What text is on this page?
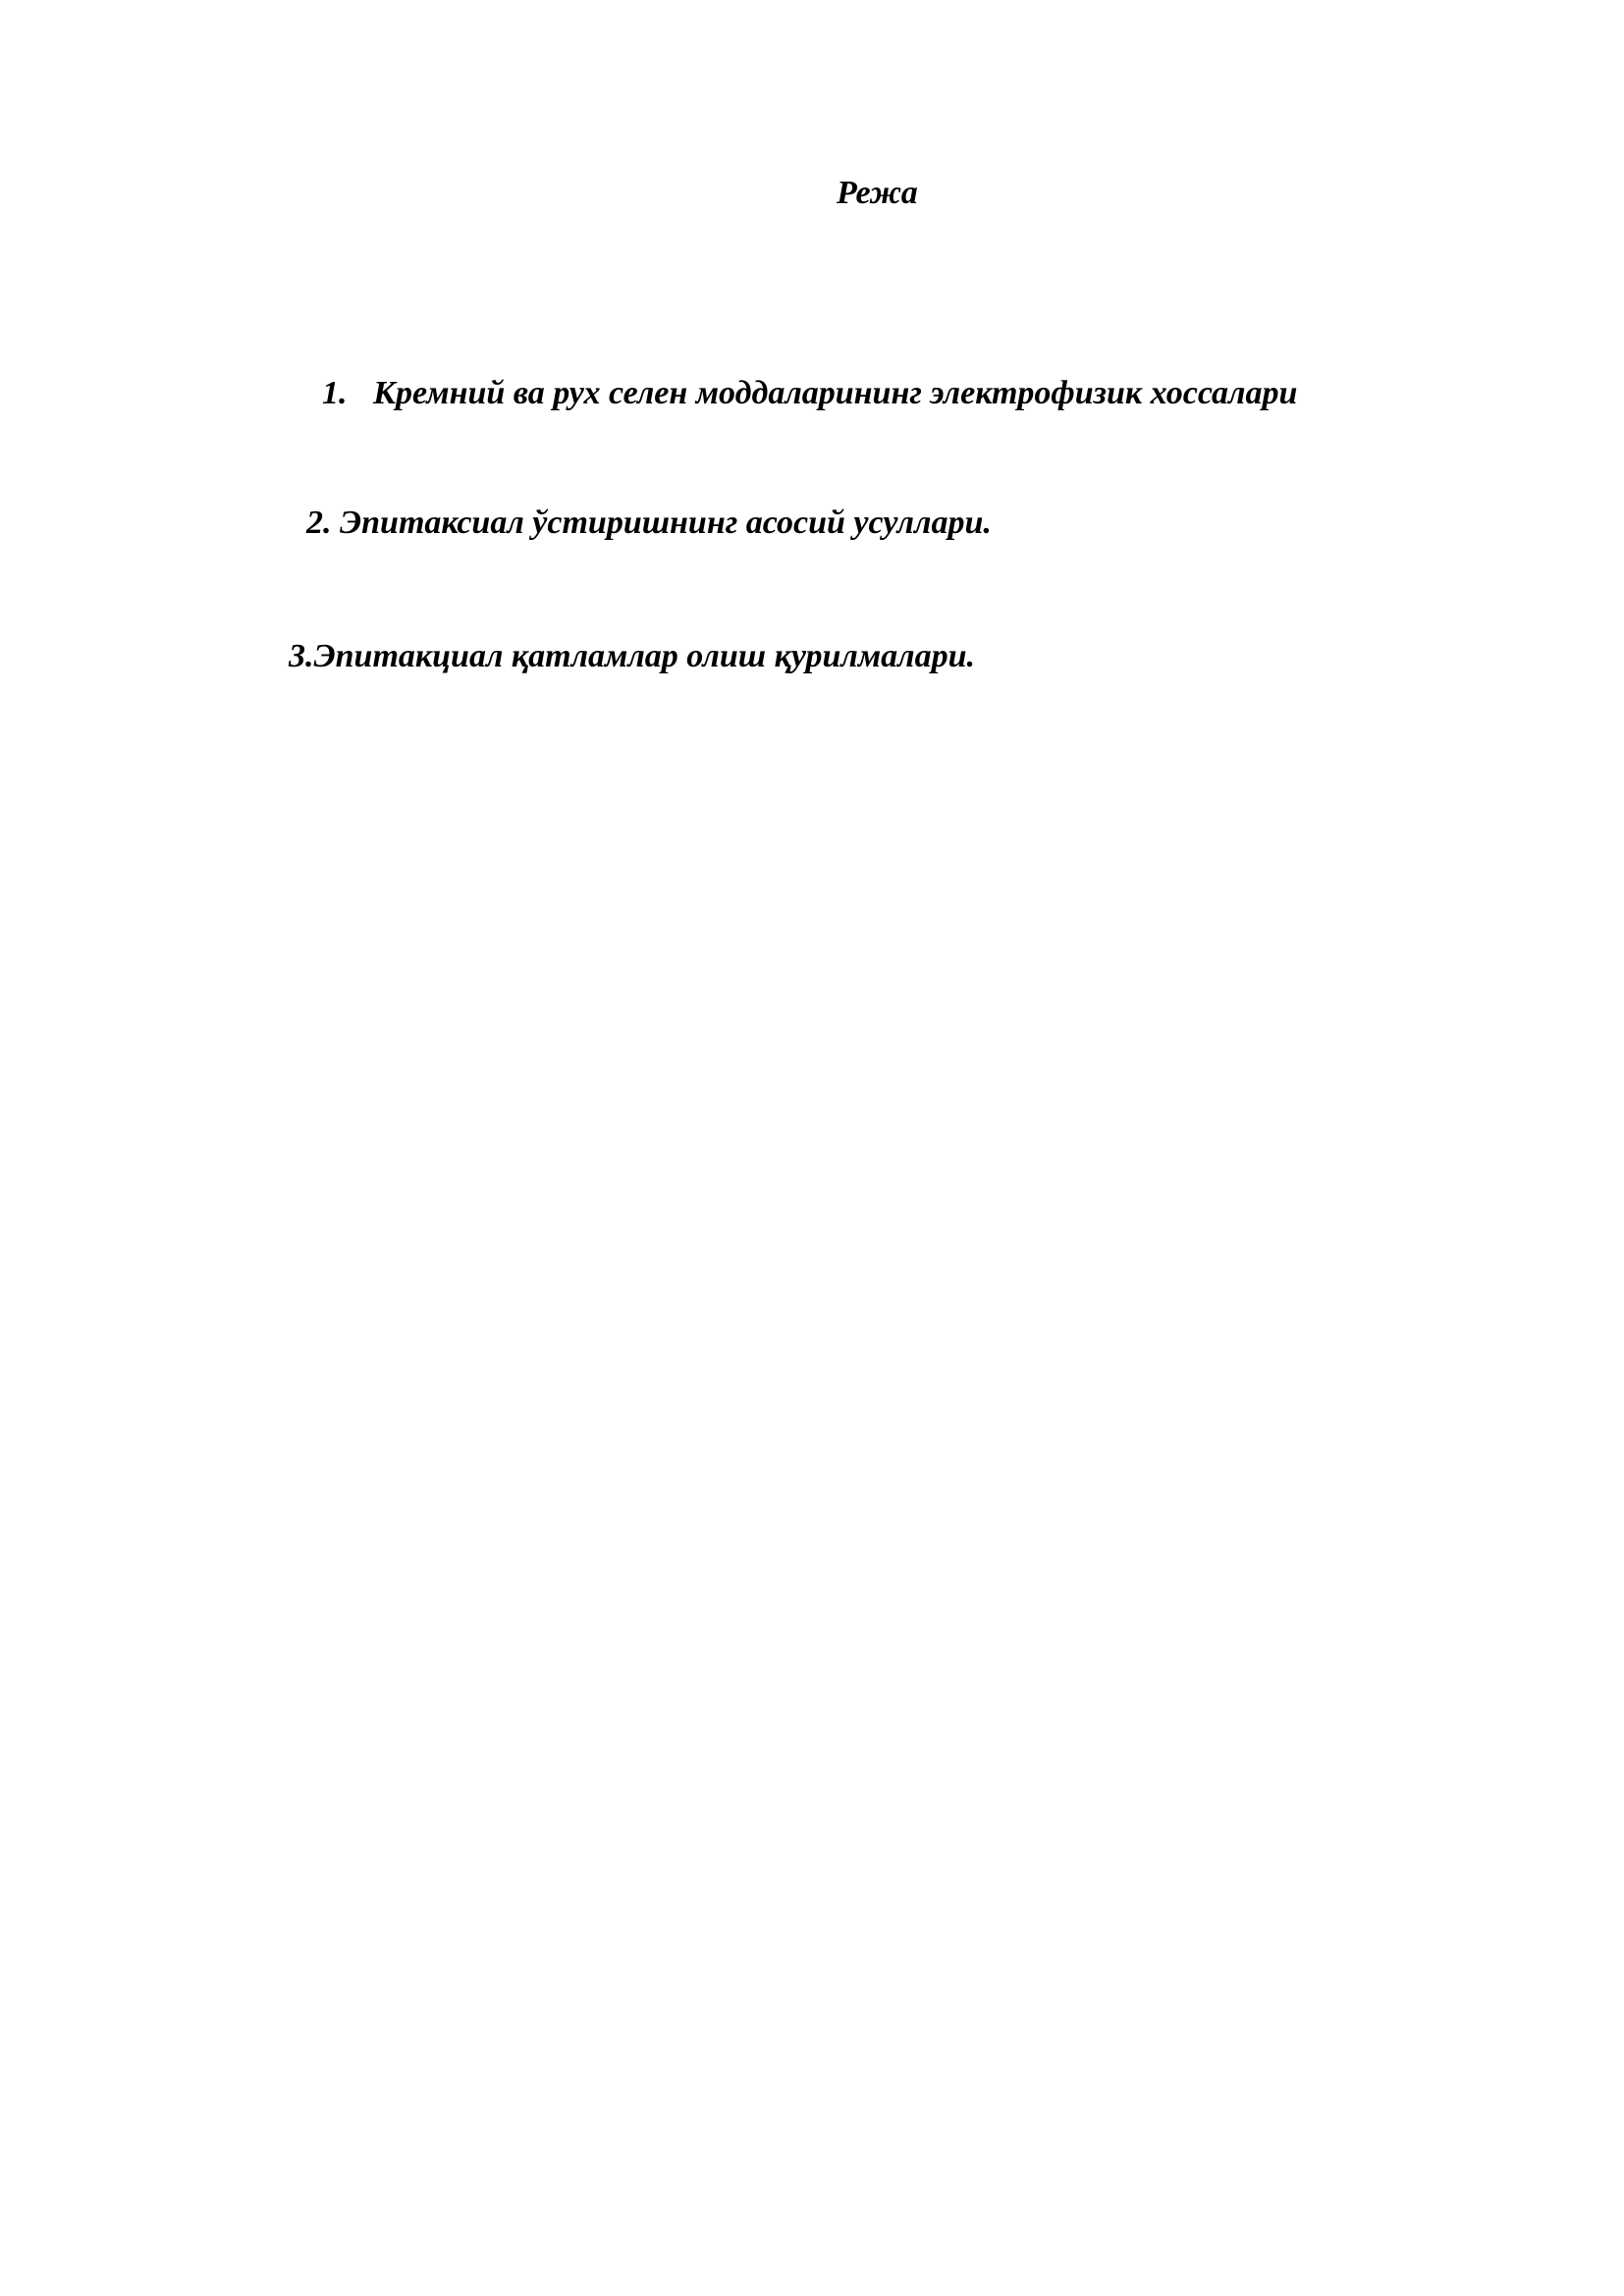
Режа
1. Кремний ва рух селен моддаларининг электрофизик хоссалари
2. Эпитаксиал ўстиришнинг асосий усуллари.
3.Эпитакциал қатламлар олиш қурилмалари.
